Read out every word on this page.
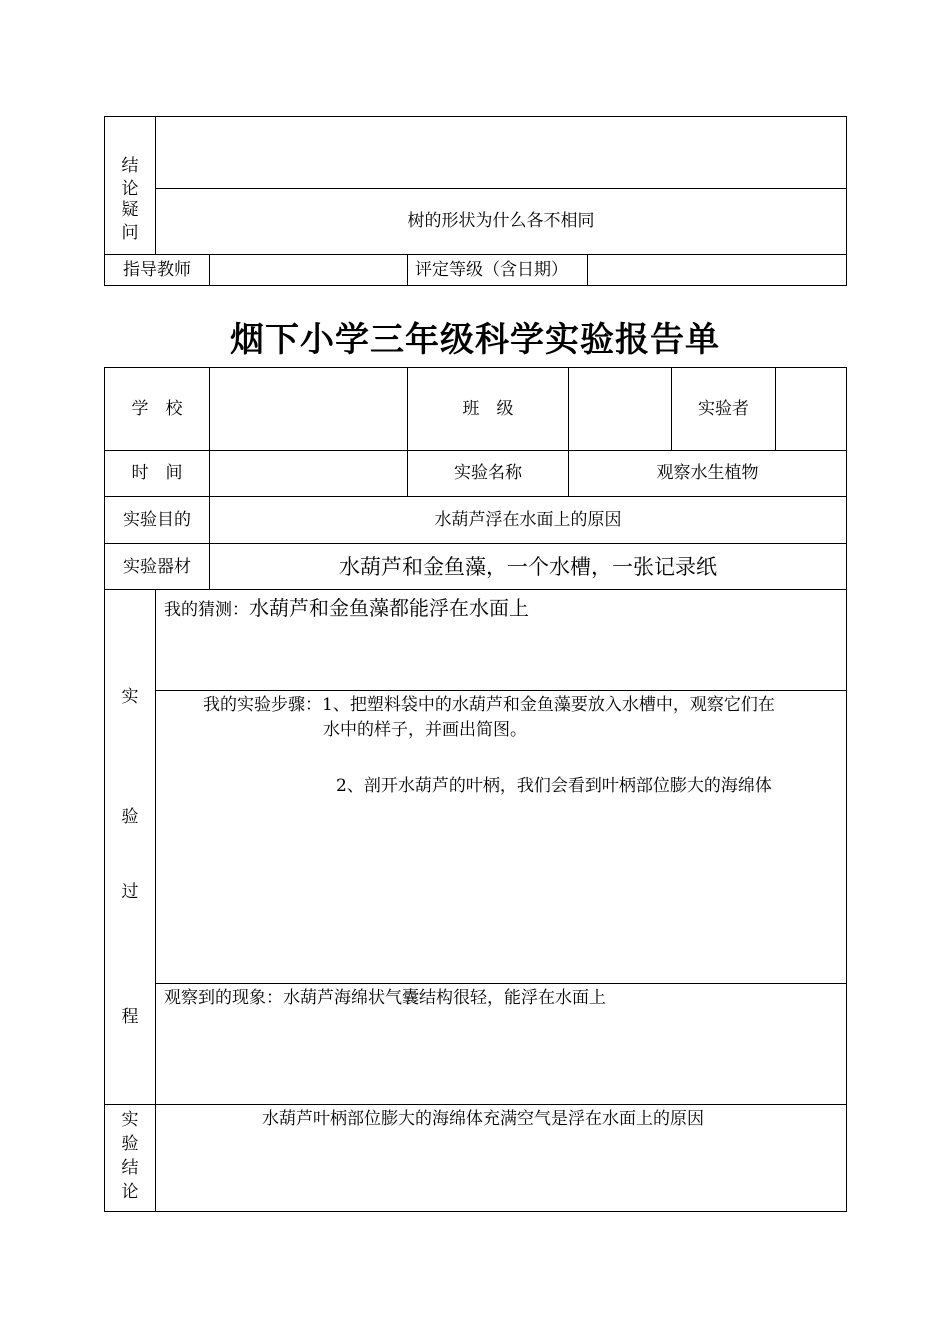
结论
疑问
树的形状为什么各不相同
指导教师	评定等级（含日期）
烟下小学三年级科学实验报告单
学　校	班　级	实验者
时　间	实验名称	观察水生植物
实验目的	水葫芦浮在水面上的原因
实验器材	水葫芦和金鱼藻，一个水槽，一张记录纸
实
验
过
程
我的猜测：水葫芦和金鱼藻都能浮在水面上
我的实验步骤：1、把塑料袋中的水葫芦和金鱼藻要放入水槽中，观察它们在
水中的样子，并画出简图。
2、剖开水葫芦的叶柄，我们会看到叶柄部位膨大的海绵体
观察到的现象：水葫芦海绵状气囊结构很轻，能浮在水面上
实验结论
水葫芦叶柄部位膨大的海绵体充满空气是浮在水面上的原因
